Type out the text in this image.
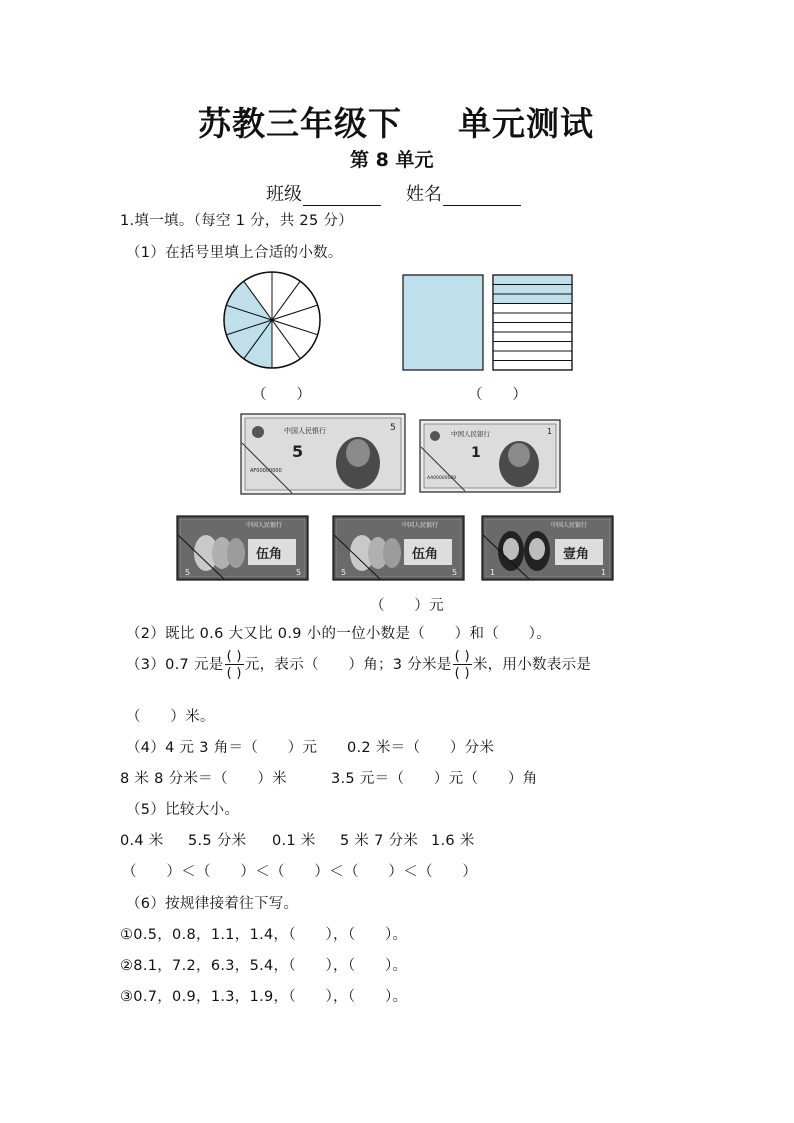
苏教三年级下 单元测试
第 8 单元
班级	姓名
1.填一填。（每空 1 分，共 25 分）
（1）在括号里填上合适的小数。
（　　）	（　　）
中国人民银行
5
5
AF00000000
中国人民银行
1
1
AA00000000
中国人民银行
伍角
5	5
中国人民银行
伍角
5	5
中国人民银行
壹角
1	1
（　　）元
（2）既比 0.6 大又比 0.9 小的一位小数是（　　）和（　　）。
（3）0.7 元是 $\frac{( )}{( )}$ 元，表示（　　）角；3 分米是 $\frac{( )}{( )}$ 米，用小数表示是
（　　）米。
（4）4 元 3 角＝（　　）元 0.2 米＝（　　）分米
8 米 8 分米＝（　　）米	3.5 元＝（　　）元（　　）角
（5）比较大小。
0.4 米 5.5 分米 0.1 米 5 米 7 分米 1.6 米
（　　）＜（　　）＜（　　）＜（　　）＜（　　）
（6）按规律接着往下写。
①0.5，0.8，1.1，1.4，（　　），（　　）。
②8.1，7.2，6.3，5.4，（　　），（　　）。
③0.7，0.9，1.3，1.9，（　　），（　　）。
